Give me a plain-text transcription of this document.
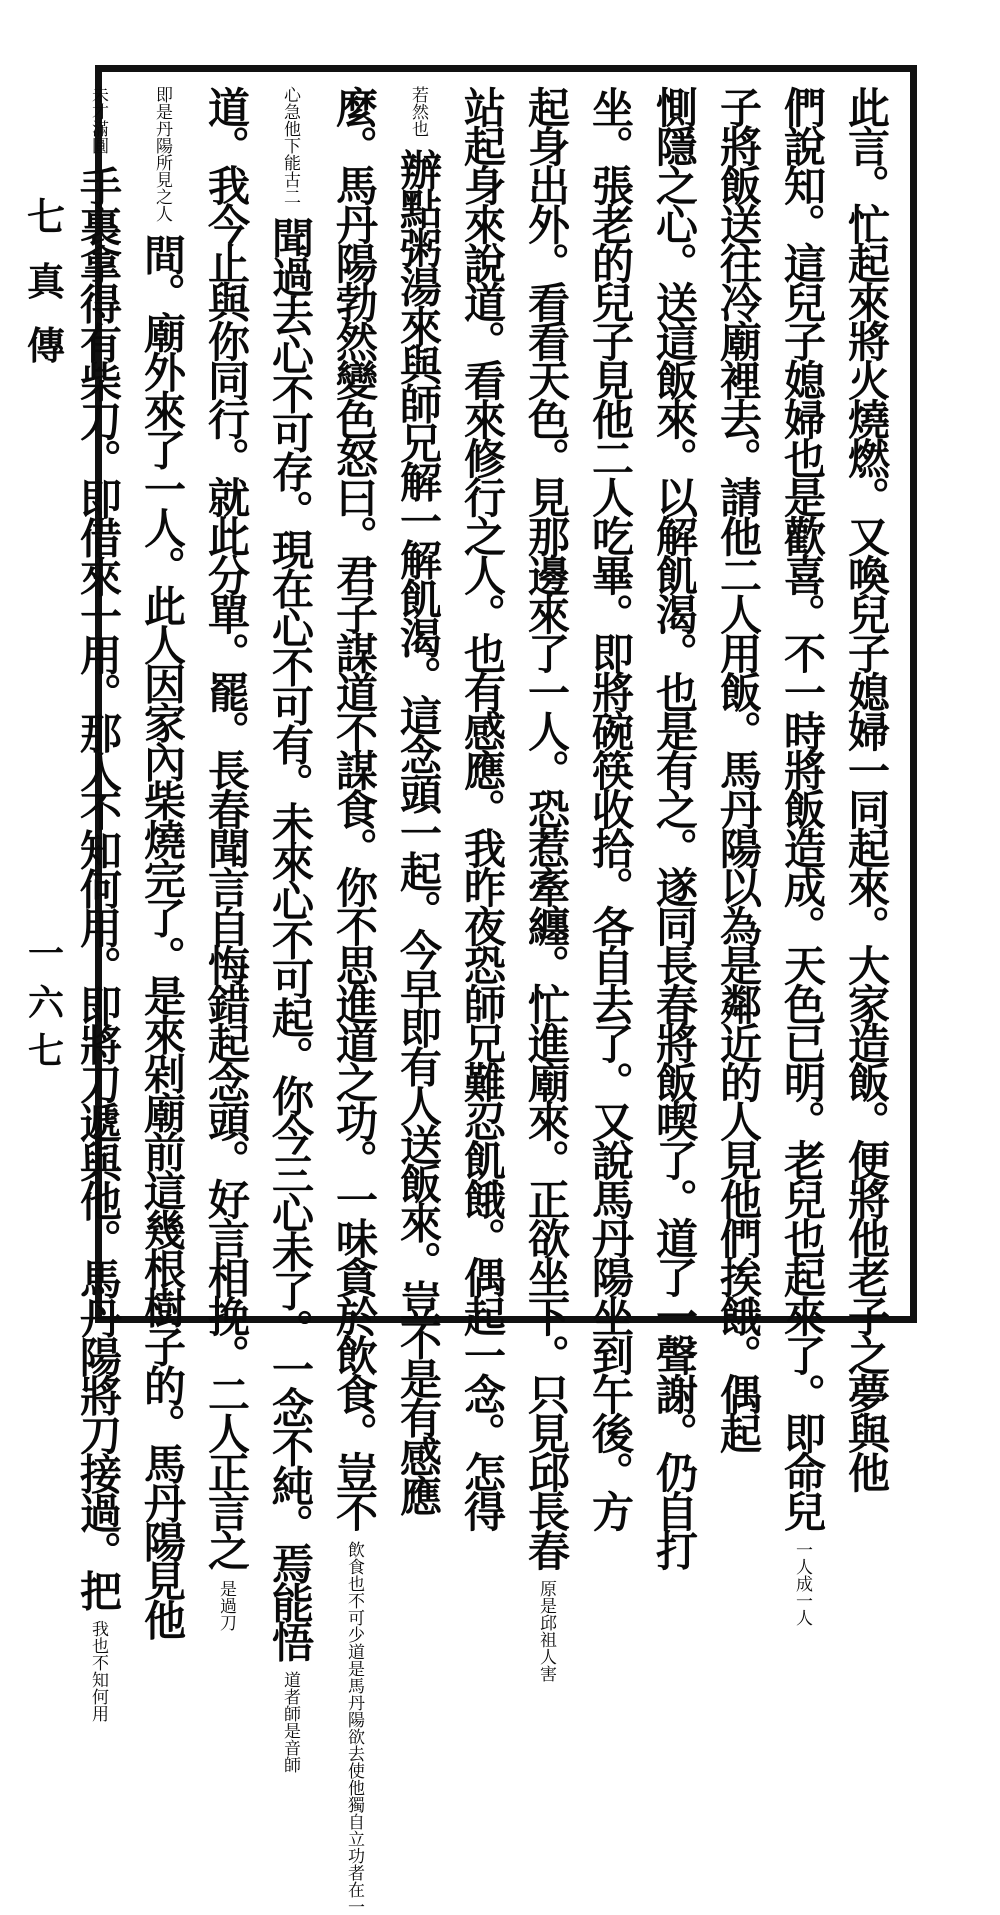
七
真
傳
一
六
七	此言。忙起來將火燒燃。又喚兒子媳婦一同起來。大家造飯。便將他老子之夢與他
們說知。這兒子媳婦也是歡喜。不一時將飯造成。天色已明。老兒也起來了。即命兒 一人成一人
子將飯送往冷廟裡去。請他二人用飯。馬丹陽以為是鄰近的人見他們挨餓。偶起
惻隱之心。送這飯來。以解飢渴。也是有之。遂同長春將飯喫了。道了一聲謝。仍自打
坐。張老的兒子見他二人吃畢。即將碗筷收拾。各自去了。又說馬丹陽坐到午後。方
起身出外。看看天色。見那邊來了一人。恐惹牽纏。忙進廟來。正欲坐下。只見邱長春 原是邱祖人害
站起身來說道。看來修行之人。也有感應。我昨夜恐師兄難忍飢餓。偶起一念。怎得
若然也 辦點粥湯來與師兄解一解飢渴。這念頭一起。今早即有人送飯來。豈不是有感應
麼。馬丹陽勃然變色怒曰。君子謀道不謀食。你不思進道之功。一味貪於飲食。豈不 飲食也不可少道是馬丹陽欲去使他獨自立功者在一
心急他下能古二 聞過去心不可存。現在心不可有。未來心不可起。你今三心未了。一念不純。焉能悟 道者師是音師
道。我今止與你同行。就此分單。罷。長春聞言自悔錯起念頭。好言相挽。二人正言之 是過刀
即是丹陽所見之人 間。廟外來了一人。此人因家內柴燒完了。是來剁廟前這幾根樹子的。馬丹陽見他
未才滿圓 手裏拿得有柴刀。即借來一用。那人不知何用。即將刀遞與他。馬丹陽將刀接過。把 我也不知何用
